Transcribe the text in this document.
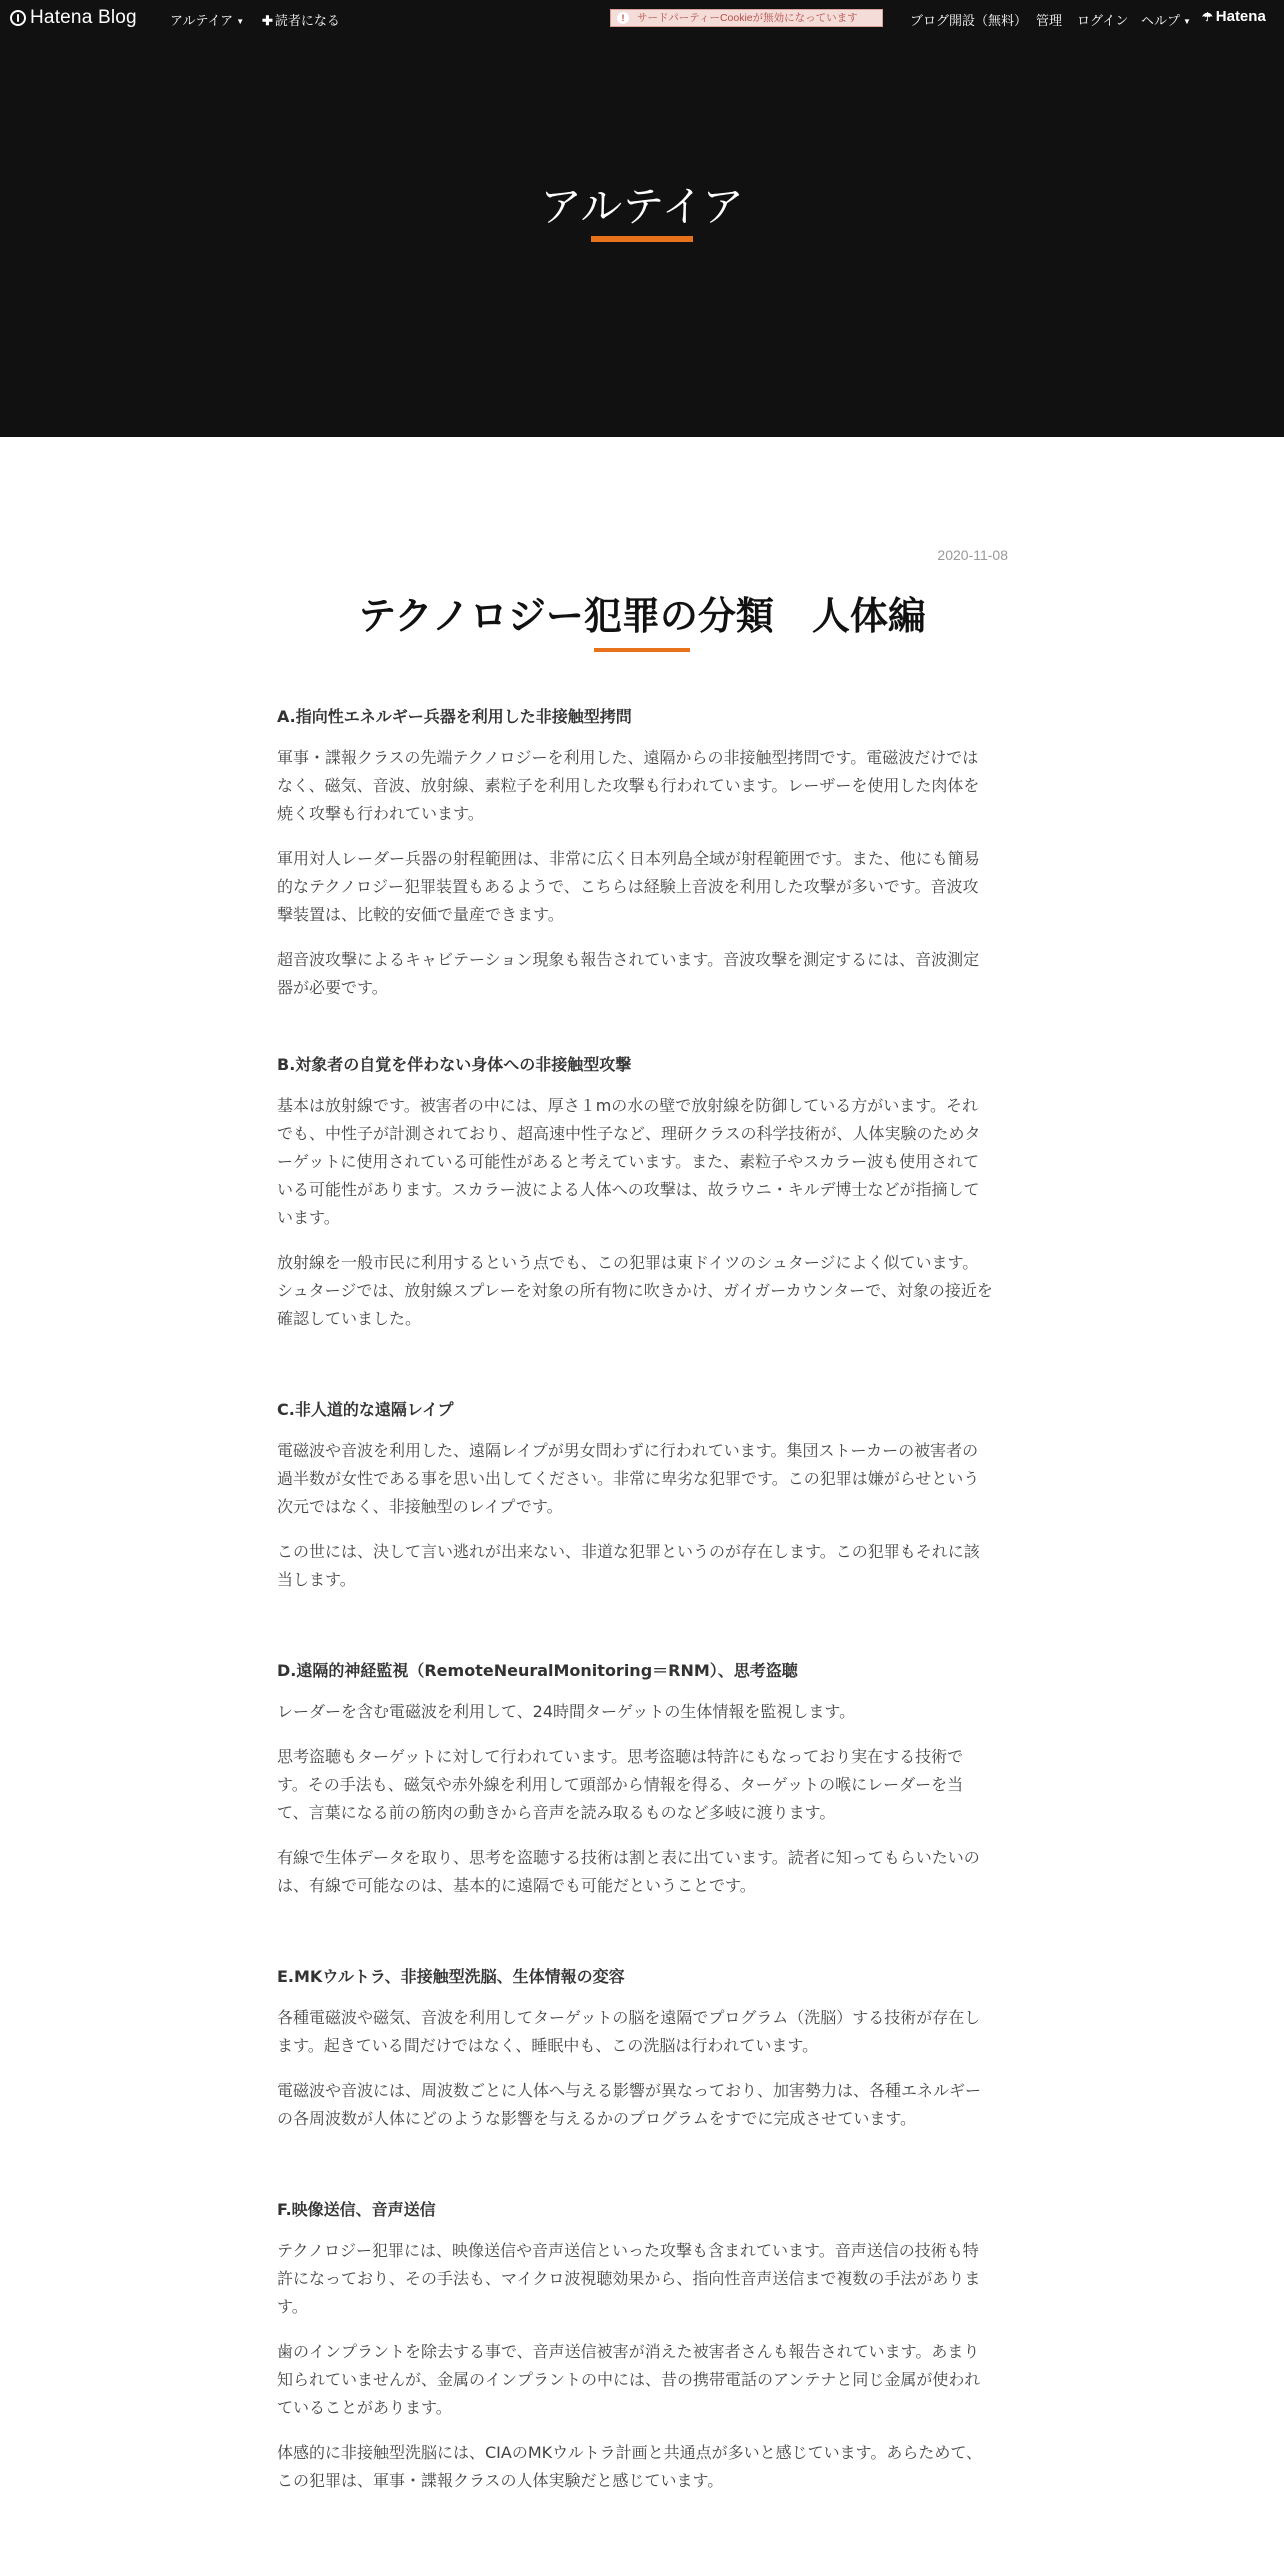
Hatena Blog	アルテイア ▼ ✚ 読者になる	!	サードパーティーCookieが無効になっています	ブログ開設（無料） 管理 ログイン ヘルプ ▼ ☂ Hatena
アルテイア
2020-11-08
テクノロジー犯罪の分類　人体編
A.指向性エネルギー兵器を利用した非接触型拷問

軍事・諜報クラスの先端テクノロジーを利用した、遠隔からの非接触型拷問です。電磁波だけではなく、磁気、音波、放射線、素粒子を利用した攻撃も行われています。レーザーを使用した肉体を焼く攻撃も行われています。

軍用対人レーダー兵器の射程範囲は、非常に広く日本列島全域が射程範囲です。また、他にも簡易的なテクノロジー犯罪装置もあるようで、こちらは経験上音波を利用した攻撃が多いです。音波攻撃装置は、比較的安価で量産できます。

超音波攻撃によるキャビテーション現象も報告されています。音波攻撃を測定するには、音波測定器が必要です。

B.対象者の自覚を伴わない身体への非接触型攻撃

基本は放射線です。被害者の中には、厚さ１mの水の壁で放射線を防御している方がいます。それでも、中性子が計測されており、超高速中性子など、理研クラスの科学技術が、人体実験のためターゲットに使用されている可能性があると考えています。また、素粒子やスカラー波も使用されている可能性があります。スカラー波による人体への攻撃は、故ラウニ・キルデ博士などが指摘しています。

放射線を一般市民に利用するという点でも、この犯罪は東ドイツのシュタージによく似ています。シュタージでは、放射線スプレーを対象の所有物に吹きかけ、ガイガーカウンターで、対象の接近を確認していました。

C.非人道的な遠隔レイプ

電磁波や音波を利用した、遠隔レイプが男女問わずに行われています。集団ストーカーの被害者の過半数が女性である事を思い出してください。非常に卑劣な犯罪です。この犯罪は嫌がらせという次元ではなく、非接触型のレイプです。

この世には、決して言い逃れが出来ない、非道な犯罪というのが存在します。この犯罪もそれに該当します。

D.遠隔的神経監視（RemoteNeuralMonitoring＝RNM）、思考盗聴

レーダーを含む電磁波を利用して、24時間ターゲットの生体情報を監視します。

思考盗聴もターゲットに対して行われています。思考盗聴は特許にもなっており実在する技術です。その手法も、磁気や赤外線を利用して頭部から情報を得る、ターゲットの喉にレーダーを当て、言葉になる前の筋肉の動きから音声を読み取るものなど多岐に渡ります。

有線で生体データを取り、思考を盗聴する技術は割と表に出ています。読者に知ってもらいたいのは、有線で可能なのは、基本的に遠隔でも可能だということです。

E.MKウルトラ、非接触型洗脳、生体情報の変容

各種電磁波や磁気、音波を利用してターゲットの脳を遠隔でプログラム（洗脳）する技術が存在します。起きている間だけではなく、睡眠中も、この洗脳は行われています。

電磁波や音波には、周波数ごとに人体へ与える影響が異なっており、加害勢力は、各種エネルギーの各周波数が人体にどのような影響を与えるかのプログラムをすでに完成させています。

F.映像送信、音声送信

テクノロジー犯罪には、映像送信や音声送信といった攻撃も含まれています。音声送信の技術も特許になっており、その手法も、マイクロ波視聴効果から、指向性音声送信まで複数の手法があります。

歯のインプラントを除去する事で、音声送信被害が消えた被害者さんも報告されています。あまり知られていませんが、金属のインプラントの中には、昔の携帯電話のアンテナと同じ金属が使われていることがあります。

体感的に非接触型洗脳には、CIAのMKウルトラ計画と共通点が多いと感じています。あらためて、この犯罪は、軍事・諜報クラスの人体実験だと感じています。
